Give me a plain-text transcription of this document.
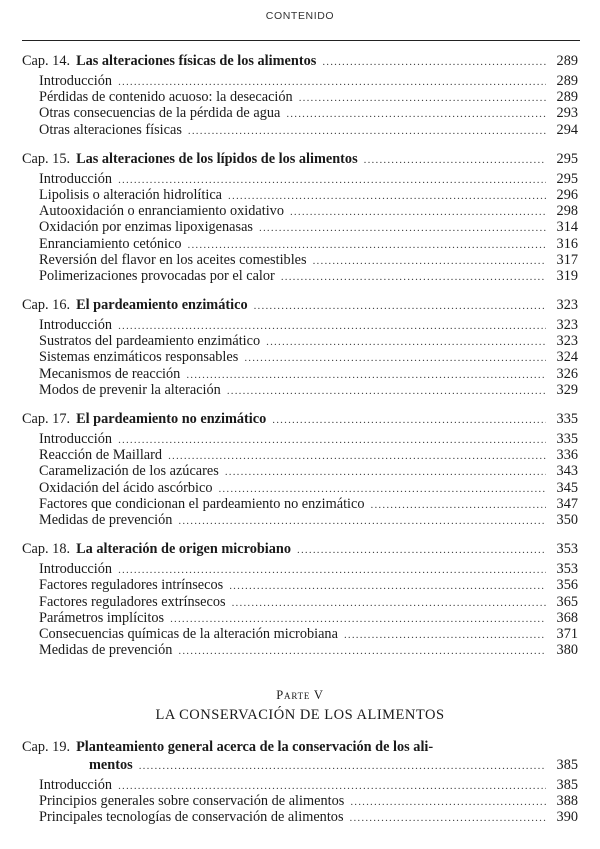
CONTENIDO
Cap. 14. Las alteraciones físicas de los alimentos .....	289
Introducción .....	289
Pérdidas de contenido acuoso: la desecación .....	289
Otras consecuencias de la pérdida de agua .....	293
Otras alteraciones físicas .....	294
Cap. 15. Las alteraciones de los lípidos de los alimentos .....	295
Introducción .....	295
Lipolisis o alteración hidrolítica .....	296
Autooxidación o enranciamiento oxidativo .....	298
Oxidación por enzimas lipoxigenasas .....	314
Enranciamiento cetónico .....	316
Reversión del flavor en los aceites comestibles .....	317
Polimerizaciones provocadas por el calor .....	319
Cap. 16. El pardeamiento enzimático .....	323
Introducción .....	323
Sustratos del pardeamiento enzimático .....	323
Sistemas enzimáticos responsables .....	324
Mecanismos de reacción .....	326
Modos de prevenir la alteración .....	329
Cap. 17. El pardeamiento no enzimático .....	335
Introducción .....	335
Reacción de Maillard .....	336
Caramelización de los azúcares .....	343
Oxidación del ácido ascórbico .....	345
Factores que condicionan el pardeamiento no enzimático .....	347
Medidas de prevención .....	350
Cap. 18. La alteración de origen microbiano .....	353
Introducción .....	353
Factores reguladores intrínsecos .....	356
Factores reguladores extrínsecos .....	365
Parámetros implícitos .....	368
Consecuencias químicas de la alteración microbiana .....	371
Medidas de prevención .....	380
Parte V
LA CONSERVACIÓN DE LOS ALIMENTOS
Cap. 19. Planteamiento general acerca de la conservación de los ali-
mentos .....	385
Introducción .....	385
Principios generales sobre conservación de alimentos .....	388
Principales tecnologías de conservación de alimentos .....	390
